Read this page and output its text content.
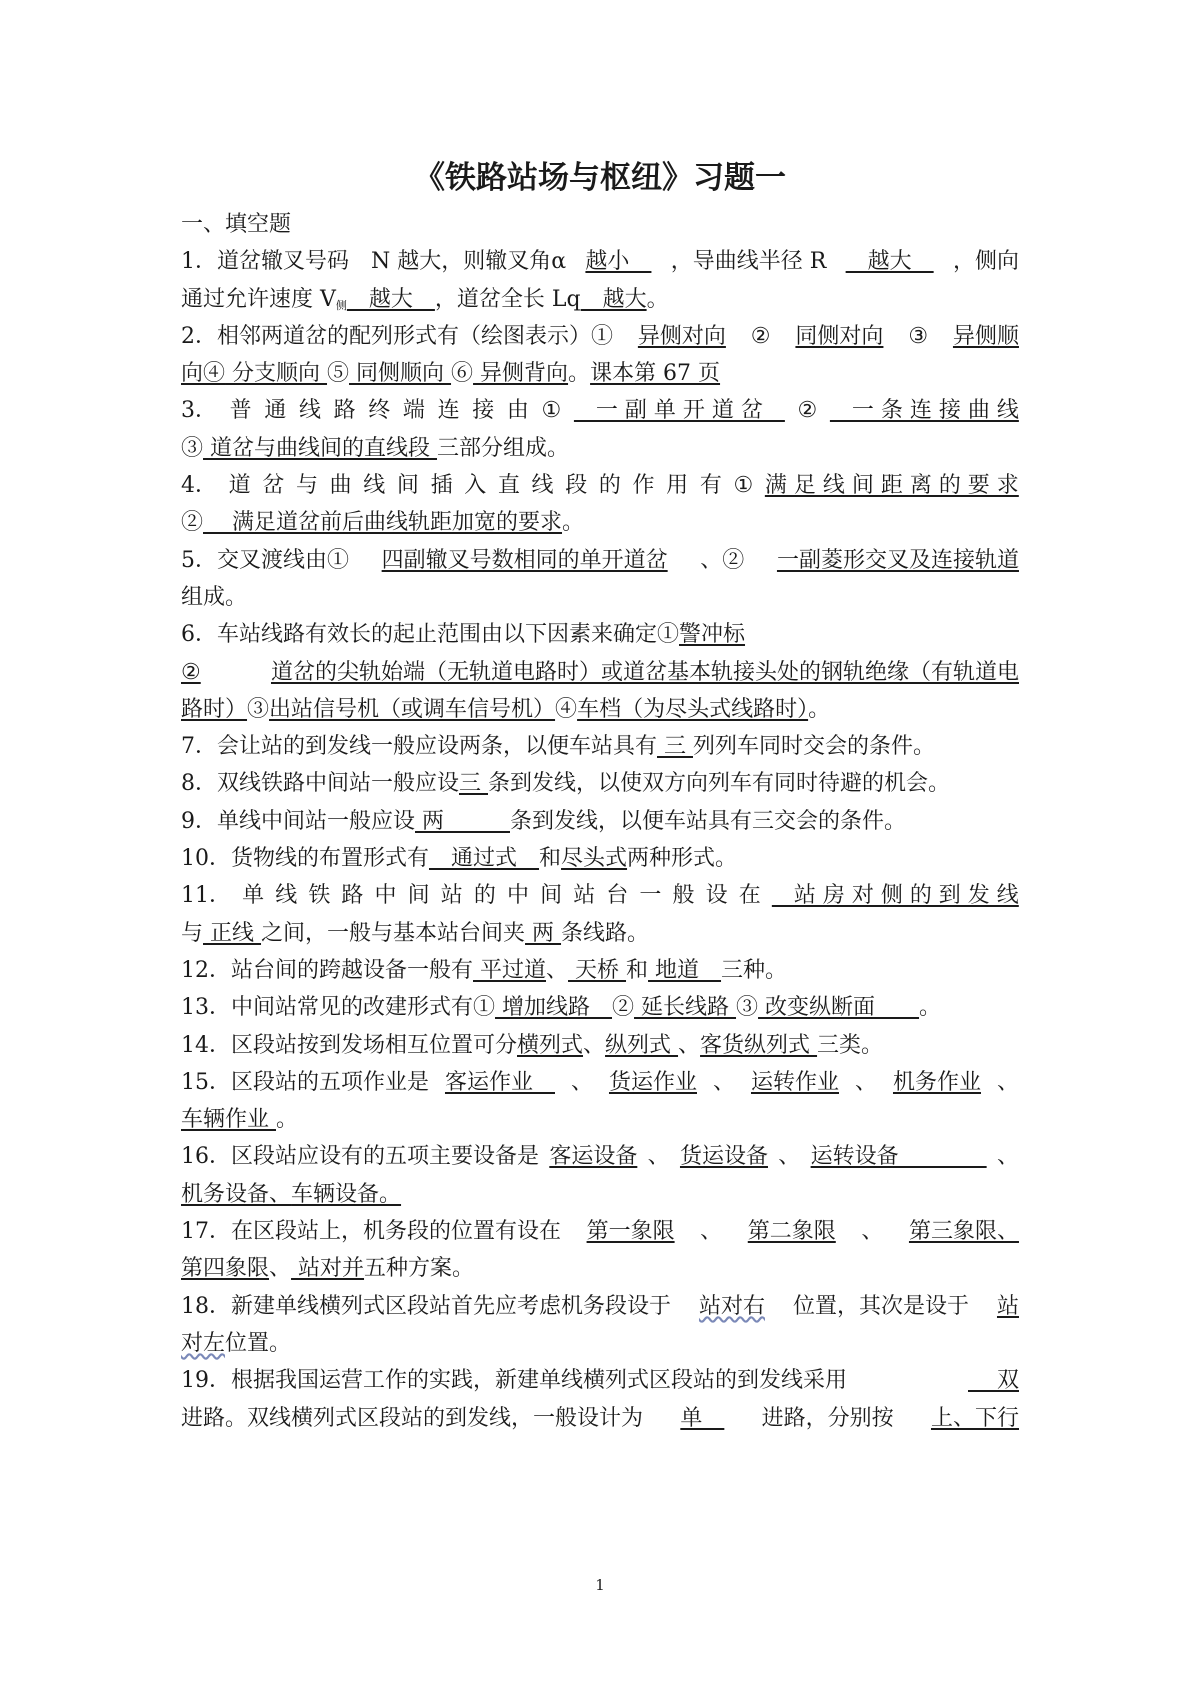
《铁路站场与枢纽》习题一
一、填空题
1．道岔辙叉号码　N 越大，则辙叉角α 越小　 ，导曲线半径 R 　越大　 ，侧向
通过允许速度 $V_侧$　越大　，道岔全长 Lq　越大。
2．相邻两道岔的配列形式有（绘图表示）① 异侧对向 ② 同侧对向 ③ 异侧顺
向④ 分支顺向 ⑤ 同侧顺向 ⑥ 异侧背向。课本第 67 页
3． 普 通 线 路 终 端 连 接 由 ① 　一 副 单 开 道 岔　 ② 　一 条 连 接 曲 线
③ 道岔与曲线间的直线段 三部分组成。
4． 道 岔 与 曲 线 间 插 入 直 线 段 的 作 用 有 ① 满 足 线 间 距 离 的 要 求
②　 满足道岔前后曲线轨距加宽的要求。
5．交叉渡线由① 四副辙叉号数相同的单开道岔 、② 一副菱形交叉及连接轨道
组成。
6．车站线路有效长的起止范围由以下因素来确定①警冲标
②	道岔的尖轨始端（无轨道电路时）或道岔基本轨接头处的钢轨绝缘（有轨道电
路时）③出站信号机（或调车信号机）④车档（为尽头式线路时）。
7．会让站的到发线一般应设两条，以便车站具有 三 列列车同时交会的条件。
8．双线铁路中间站一般应设三 条到发线，以使双方向列车有同时待避的机会。
9．单线中间站一般应设 两　　　条到发线，以便车站具有三交会的条件。
10．货物线的布置形式有　通过式　和尽头式两种形式。
11． 单 线 铁 路 中 间 站 的 中 间 站 台 一 般 设 在 　站 房 对 侧 的 到 发 线
与 正线 之间，一般与基本站台间夹 两 条线路。
12．站台间的跨越设备一般有 平过道、 天桥 和 地道　三种。
13．中间站常见的改建形式有① 增加线路　② 延长线路 ③ 改变纵断面　　。
14．区段站按到发场相互位置可分横列式、纵列式 、客货纵列式 三类。
15．区段站的五项作业是 客运作业　 、 货运作业 、 运转作业 、 机务作业 、
车辆作业 。
16．区段站应设有的五项主要设备是 客运设备 、 货运设备 、 运转设备　　　　 、
机务设备、车辆设备。
17．在区段站上，机务段的位置有设在 第一象限 、 第二象限 、 第三象限、
第四象限、 站对并五种方案。
18．新建单线横列式区段站首先应考虑机务段设于 站对右 位置，其次是设于 站
对左位置。
19．根据我国运营工作的实践，新建单线横列式区段站的到发线采用	　 双
进路。双线横列式区段站的到发线，一般设计为 单　 进路，分别按 上、下行
1
